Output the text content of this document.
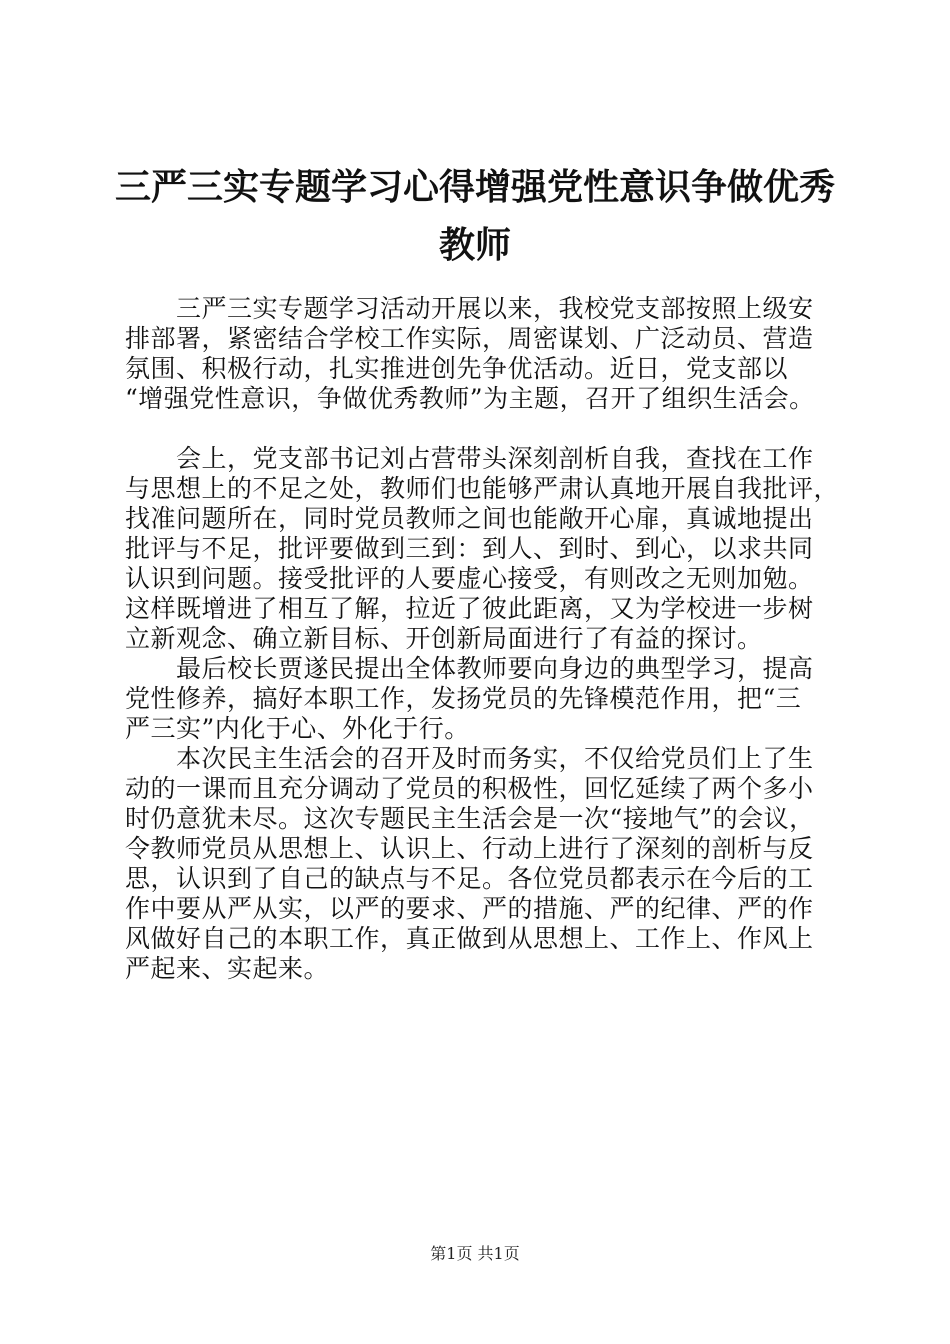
三严三实专题学习心得增强党性意识争做优秀
教师
　　三严三实专题学习活动开展以来，我校党支部按照上级安
排部署，紧密结合学校工作实际，周密谋划、广泛动员、营造
氛围、积极行动，扎实推进创先争优活动。近日，党支部以
“增强党性意识，争做优秀教师”为主题，召开了组织生活会。
　　会上，党支部书记刘占营带头深刻剖析自我，查找在工作
与思想上的不足之处，教师们也能够严肃认真地开展自我批评，
找准问题所在，同时党员教师之间也能敞开心扉，真诚地提出
批评与不足，批评要做到三到：到人、到时、到心，以求共同
认识到问题。接受批评的人要虚心接受，有则改之无则加勉。
这样既增进了相互了解，拉近了彼此距离，又为学校进一步树
立新观念、确立新目标、开创新局面进行了有益的探讨。
　　最后校长贾遂民提出全体教师要向身边的典型学习，提高
党性修养，搞好本职工作，发扬党员的先锋模范作用，把“三
严三实”内化于心、外化于行。
　　本次民主生活会的召开及时而务实，不仅给党员们上了生
动的一课而且充分调动了党员的积极性，回忆延续了两个多小
时仍意犹未尽。这次专题民主生活会是一次“接地气”的会议，
令教师党员从思想上、认识上、行动上进行了深刻的剖析与反
思，认识到了自己的缺点与不足。各位党员都表示在今后的工
作中要从严从实，以严的要求、严的措施、严的纪律、严的作
风做好自己的本职工作，真正做到从思想上、工作上、作风上
严起来、实起来。
第1页 共1页
